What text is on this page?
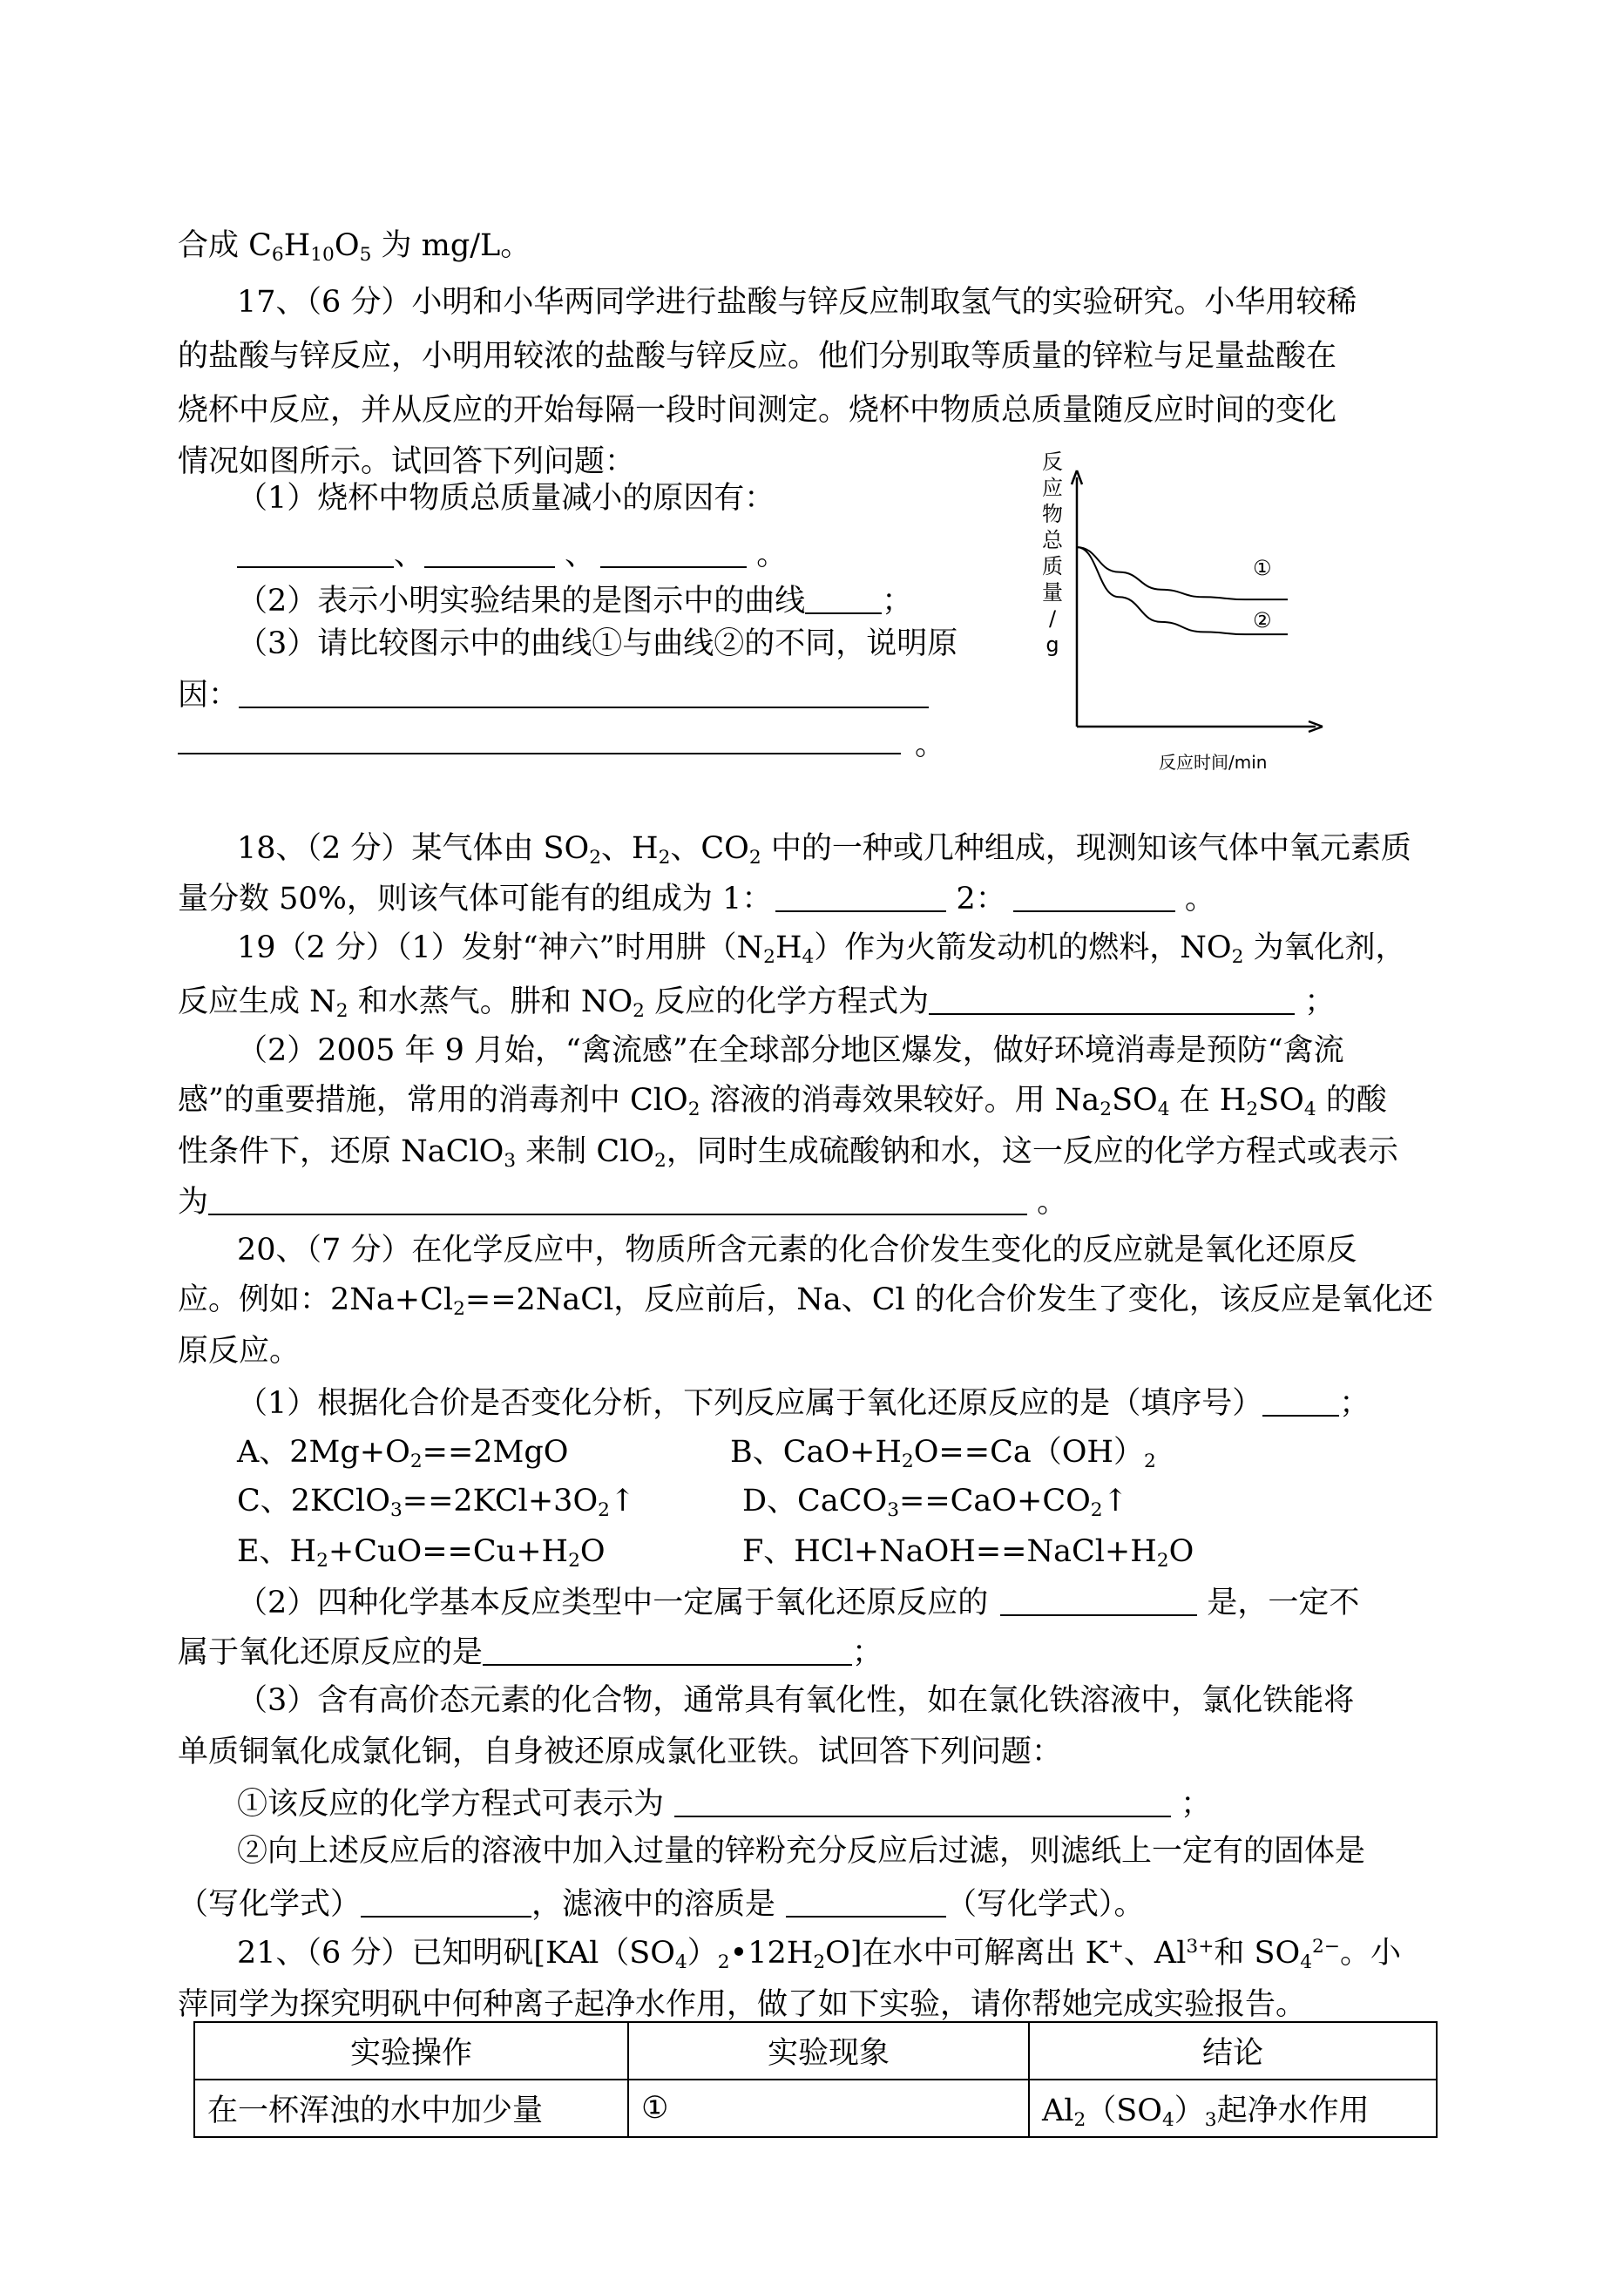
合成 $C_6H_{10}O_5$ 为 mg/L。
17、（6 分）小明和小华两同学进行盐酸与锌反应制取氢气的实验研究。小华用较稀
的盐酸与锌反应，小明用较浓的盐酸与锌反应。他们分别取等质量的锌粒与足量盐酸在
烧杯中反应，并从反应的开始每隔一段时间测定。烧杯中物质总质量随反应时间的变化
情况如图所示。试回答下列问题：
（1）烧杯中物质总质量减小的原因有：
、	、	。
（2）表示小明实验结果的是图示中的曲线	；
（3）请比较图示中的曲线①与曲线②的不同，说明原
因：
。
反应物总质量/ g
①
②
反应时间/min
18、（2 分）某气体由 $SO_2$、$H_2$、$CO_2$ 中的一种或几种组成，现测知该气体中氧元素质
量分数 50%，则该气体可能有的组成为 1：	2：	。
19（2 分）（1）发射“神六”时用肼$(N_2H_4)$作为火箭发动机的燃料，$NO_2$ 为氧化剂，
反应生成 $N_2$ 和水蒸气。肼和 $NO_2$ 反应的化学方程式为	；
（2）2005 年 9 月始，“禽流感”在全球部分地区爆发，做好环境消毒是预防“禽流
感”的重要措施，常用的消毒剂中 ClO$_2$ 溶液的消毒效果较好。用 $Na_2SO_4$ 在 $H_2SO_4$ 的酸
性条件下，还原 NaClO$_3$ 来制 ClO$_2$，同时生成硫酸钠和水，这一反应的化学方程式或表示
为	。
20、（7 分）在化学反应中，物质所含元素的化合价发生变化的反应就是氧化还原反
应。例如：$2Na+Cl_2==2NaCl$，反应前后，Na、Cl 的化合价发生了变化，该反应是氧化还
原反应。
（1）根据化合价是否变化分析，下列反应属于氧化还原反应的是（填序号）	；
A、$2Mg+O_2==2MgO$	B、$CaO+H_2O==Ca(OH)_2$
C、$2KClO_3==2KCl+3O_2↑$	D、$CaCO_3==CaO+CO_2↑$
E、$H_2+CuO==Cu+H_2O$	F、$HCl+NaOH==NaCl+H_2O$
（2）四种化学基本反应类型中一定属于氧化还原反应的	是，一定不
属于氧化还原反应的是	；
（3）含有高价态元素的化合物，通常具有氧化性，如在氯化铁溶液中，氯化铁能将
单质铜氧化成氯化铜，自身被还原成氯化亚铁。试回答下列问题：
①该反应的化学方程式可表示为	；
②向上述反应后的溶液中加入过量的锌粉充分反应后过滤，则滤纸上一定有的固体是
（写化学式）	，滤液中的溶质是	（写化学式）。
21、（6 分）已知明矾$[KAl(SO_4)_2•12H_2O]$在水中可解离出 K+、$Al^{3+}$和 $SO_4^{2-}$。小
萍同学为探究明矾中何种离子起净水作用，做了如下实验，请你帮她完成实验报告。
实验操作	实验现象	结论
在一杯浑浊的水中加少量	①	$Al_2(SO_4)_3$起净水作用
